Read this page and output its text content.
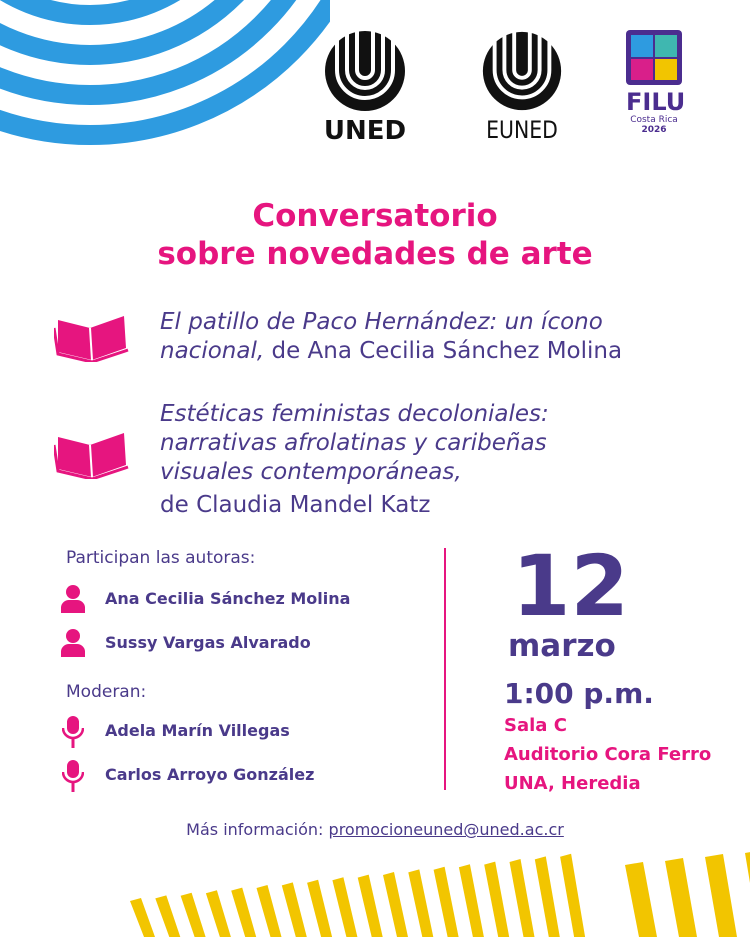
UNED	EUNED
FILU
Costa Rica
2026
Conversatorio
sobre novedades de arte
El patillo de Paco Hernández: un ícono
nacional, de Ana Cecilia Sánchez Molina
Estéticas feministas decoloniales:
narrativas afrolatinas y caribeñas
visuales contemporáneas,
de Claudia Mandel Katz
Participan las autoras:
Ana Cecilia Sánchez Molina
Sussy Vargas Alvarado
Moderan:
Adela Marín Villegas
Carlos Arroyo González
12
marzo
1:00 p.m.
Sala C
Auditorio Cora Ferro
UNA, Heredia
Más información: promocioneuned@uned.ac.cr
